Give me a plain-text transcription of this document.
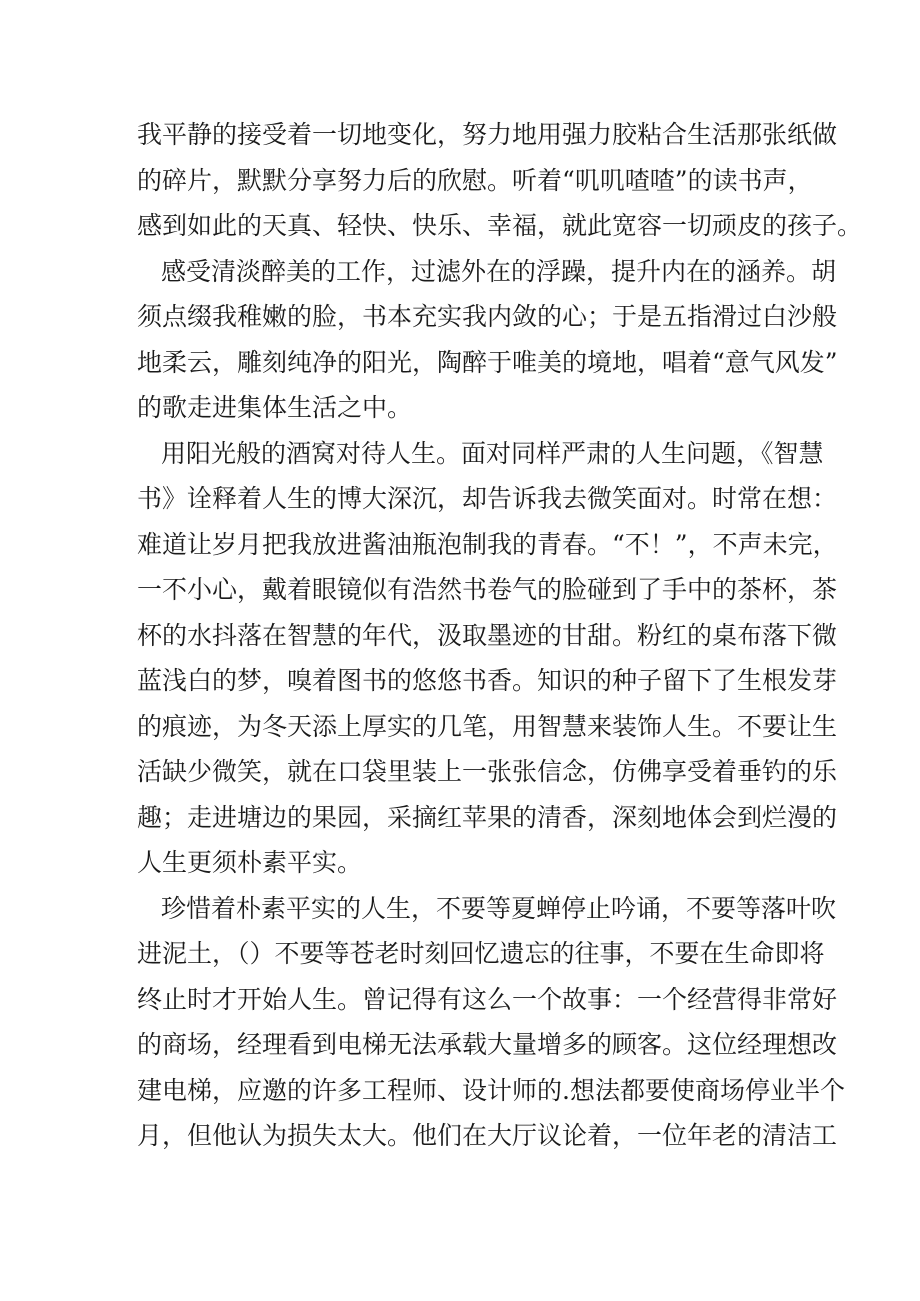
我平静的接受着一切地变化，努力地用强力胶粘合生活那张纸做
的碎片，默默分享努力后的欣慰。听着“叽叽喳喳”的读书声，
感到如此的天真、轻快、快乐、幸福，就此宽容一切顽皮的孩子。
感受清淡醉美的工作，过滤外在的浮躁，提升内在的涵养。胡
须点缀我稚嫩的脸，书本充实我内敛的心；于是五指滑过白沙般
地柔云，雕刻纯净的阳光，陶醉于唯美的境地，唱着“意气风发”
的歌走进集体生活之中。
用阳光般的酒窝对待人生。面对同样严肃的人生问题，《智慧
书》诠释着人生的博大深沉，却告诉我去微笑面对。时常在想：
难道让岁月把我放进酱油瓶泡制我的青春。“不！”，不声未完，
一不小心，戴着眼镜似有浩然书卷气的脸碰到了手中的茶杯，茶
杯的水抖落在智慧的年代，汲取墨迹的甘甜。粉红的桌布落下微
蓝浅白的梦，嗅着图书的悠悠书香。知识的种子留下了生根发芽
的痕迹，为冬天添上厚实的几笔，用智慧来装饰人生。不要让生
活缺少微笑，就在口袋里装上一张张信念，仿佛享受着垂钓的乐
趣；走进塘边的果园，采摘红苹果的清香，深刻地体会到烂漫的
人生更须朴素平实。
珍惜着朴素平实的人生，不要等夏蝉停止吟诵，不要等落叶吹
进泥土，（）不要等苍老时刻回忆遗忘的往事，不要在生命即将
终止时才开始人生。曾记得有这么一个故事：一个经营得非常好
的商场，经理看到电梯无法承载大量增多的顾客。这位经理想改
建电梯，应邀的许多工程师、设计师的.想法都要使商场停业半个
月，但他认为损失太大。他们在大厅议论着，一位年老的清洁工
